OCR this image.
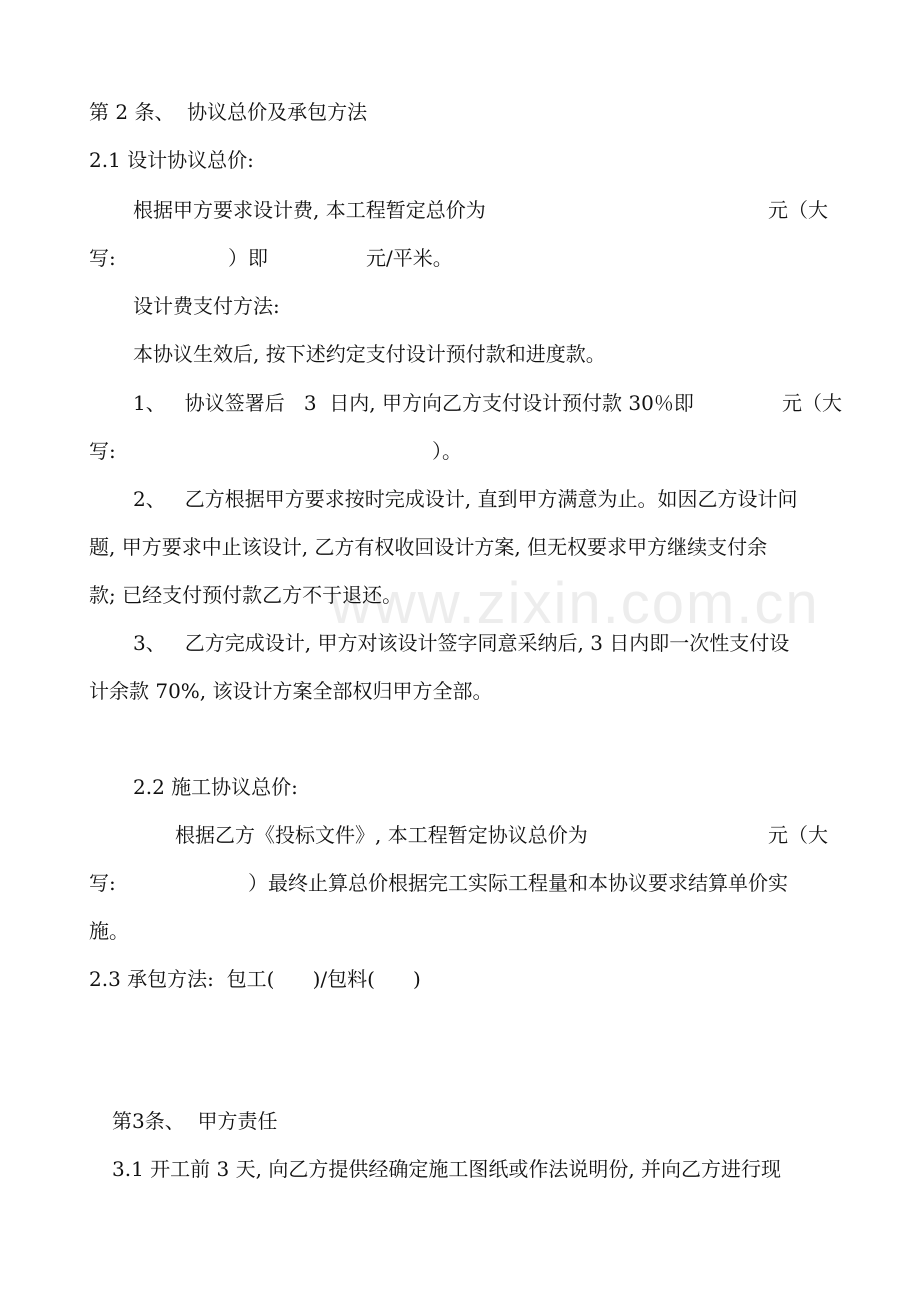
www.zixin.com.cn
第 2 条、  协议总价及承包方法
2.1 设计协议总价:
根据甲方要求设计费, 本工程暂定总价为	元（大
写:	）即	元/平米。
设计费支付方法:
本协议生效后, 按下述约定支付设计预付款和进度款。
1、   协议签署后   3  日内, 甲方向乙方支付设计预付款 30％即	元（大
写:	）。
2、   乙方根据甲方要求按时完成设计, 直到甲方满意为止。如因乙方设计问
题, 甲方要求中止该设计, 乙方有权收回设计方案, 但无权要求甲方继续支付余
款; 已经支付预付款乙方不于退还。
3、   乙方完成设计, 甲方对该设计签字同意采纳后, 3 日内即一次性支付设
计余款 70%, 该设计方案全部权归甲方全部。
2.2 施工协议总价:
根据乙方《投标文件》, 本工程暂定协议总价为	元（大
写:	）最终止算总价根据完工实际工程量和本协议要求结算单价实
施。
2.3 承包方法:  包工(      )/包料(      )
第3条、  甲方责任
3.1 开工前 3 天, 向乙方提供经确定施工图纸或作法说明份, 并向乙方进行现
